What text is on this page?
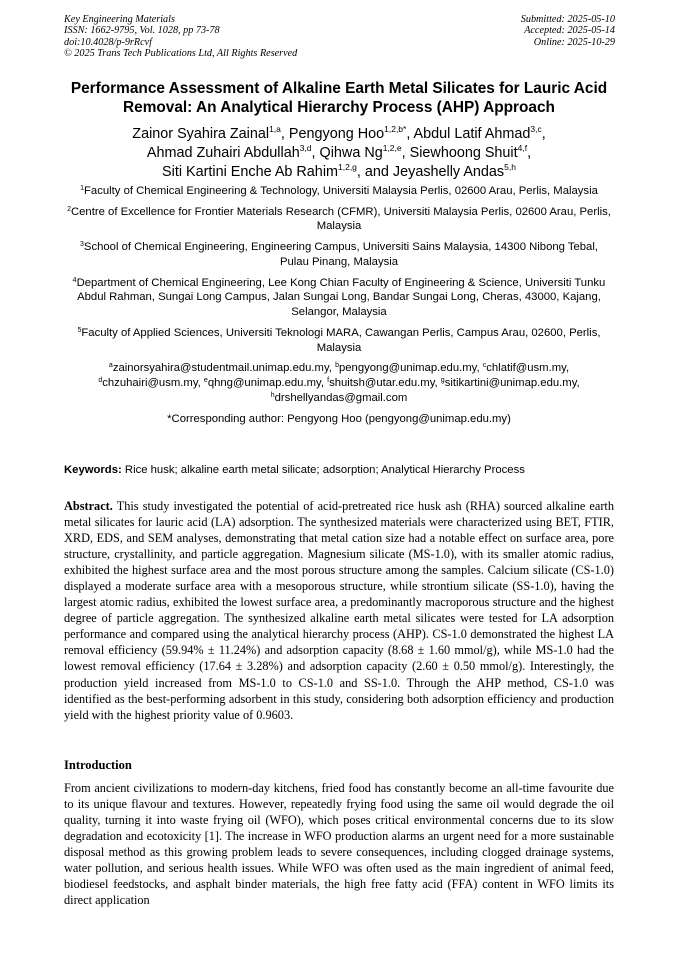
Key Engineering Materials
ISSN: 1662-9795, Vol. 1028, pp 73-78
doi:10.4028/p-9rRcvf
© 2025 Trans Tech Publications Ltd, All Rights Reserved
Submitted: 2025-05-10
Accepted: 2025-05-14
Online: 2025-10-29
Performance Assessment of Alkaline Earth Metal Silicates for Lauric Acid Removal: An Analytical Hierarchy Process (AHP) Approach
Zainor Syahira Zainal$^{1,a}$, Pengyong Hoo$^{1,2,b*}$, Abdul Latif Ahmad$^{3,c}$,
Ahmad Zuhairi Abdullah$^{3,d}$, Qihwa Ng$^{1,2,e}$, Siewhoong Shuit$^{4,f}$,
Siti Kartini Enche Ab Rahim$^{1,2,g}$, and Jeyashelly Andas$^{5,h}$
$^1$Faculty of Chemical Engineering & Technology, Universiti Malaysia Perlis, 02600 Arau, Perlis, Malaysia
$^2$Centre of Excellence for Frontier Materials Research (CFMR), Universiti Malaysia Perlis, 02600 Arau, Perlis, Malaysia
$^3$School of Chemical Engineering, Engineering Campus, Universiti Sains Malaysia, 14300 Nibong Tebal, Pulau Pinang, Malaysia
$^4$Department of Chemical Engineering, Lee Kong Chian Faculty of Engineering & Science, Universiti Tunku Abdul Rahman, Sungai Long Campus, Jalan Sungai Long, Bandar Sungai Long, Cheras, 43000, Kajang, Selangor, Malaysia
$^5$Faculty of Applied Sciences, Universiti Teknologi MARA, Cawangan Perlis, Campus Arau, 02600, Perlis, Malaysia
$^a$zainorsyahira@studentmail.unimap.edu.my, $^b$pengyong@unimap.edu.my, $^c$chlatif@usm.my,
$^d$chzuhairi@usm.my, $^e$qhng@unimap.edu.my, $^f$shuitsh@utar.edu.my, $^g$sitikartini@unimap.edu.my,
$^h$drshellyandas@gmail.com
*Corresponding author: Pengyong Hoo (pengyong@unimap.edu.my)
Keywords: Rice husk; alkaline earth metal silicate; adsorption; Analytical Hierarchy Process
Abstract. This study investigated the potential of acid-pretreated rice husk ash (RHA) sourced alkaline earth metal silicates for lauric acid (LA) adsorption. The synthesized materials were characterized using BET, FTIR, XRD, EDS, and SEM analyses, demonstrating that metal cation size had a notable effect on surface area, pore structure, crystallinity, and particle aggregation. Magnesium silicate (MS-1.0), with its smaller atomic radius, exhibited the highest surface area and the most porous structure among the samples. Calcium silicate (CS-1.0) displayed a moderate surface area with a mesoporous structure, while strontium silicate (SS-1.0), having the largest atomic radius, exhibited the lowest surface area, a predominantly macroporous structure and the highest degree of particle aggregation. The synthesized alkaline earth metal silicates were tested for LA adsorption performance and compared using the analytical hierarchy process (AHP). CS-1.0 demonstrated the highest LA removal efficiency (59.94% ± 11.24%) and adsorption capacity (8.68 ± 1.60 mmol/g), while MS-1.0 had the lowest removal efficiency (17.64 ± 3.28%) and adsorption capacity (2.60 ± 0.50 mmol/g). Interestingly, the production yield increased from MS-1.0 to CS-1.0 and SS-1.0. Through the AHP method, CS-1.0 was identified as the best-performing adsorbent in this study, considering both adsorption efficiency and production yield with the highest priority value of 0.9603.
Introduction
From ancient civilizations to modern-day kitchens, fried food has constantly become an all-time favourite due to its unique flavour and textures. However, repeatedly frying food using the same oil would degrade the oil quality, turning it into waste frying oil (WFO), which poses critical environmental concerns due to its slow degradation and ecotoxicity [1]. The increase in WFO production alarms an urgent need for a more sustainable disposal method as this growing problem leads to severe consequences, including clogged drainage systems, water pollution, and serious health issues. While WFO was often used as the main ingredient of animal feed, biodiesel feedstocks, and asphalt binder materials, the high free fatty acid (FFA) content in WFO limits its direct application
